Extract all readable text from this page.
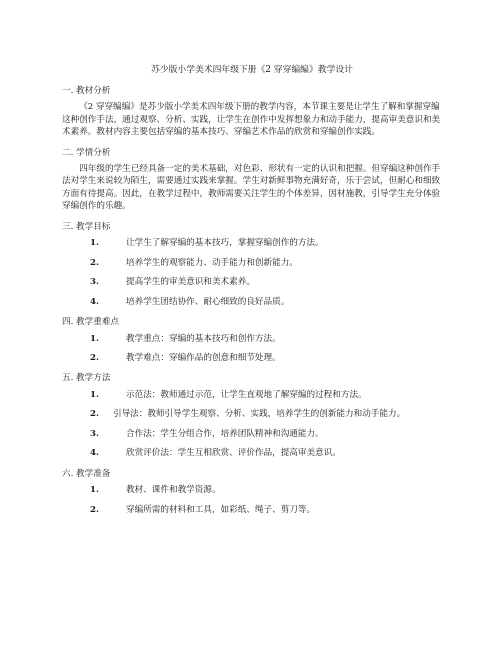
苏少版小学美术四年级下册《2 穿穿编编》教学设计
一. 教材分析

《2 穿穿编编》是苏少版小学美术四年级下册的教学内容，本节课主要是让学生了解和掌握穿编这种创作手法，通过观察、分析、实践，让学生在创作中发挥想象力和动手能力，提高审美意识和美术素养。教材内容主要包括穿编的基本技巧、穿编艺术作品的欣赏和穿编创作实践。

二. 学情分析

四年级的学生已经具备一定的美术基础，对色彩、形状有一定的认识和把握。但穿编这种创作手法对学生来说较为陌生，需要通过实践来掌握。学生对新鲜事物充满好奇，乐于尝试，但耐心和细致方面有待提高。因此，在教学过程中，教师需要关注学生的个体差异，因材施教，引导学生充分体验穿编创作的乐趣。

三. 教学目标
1.	让学生了解穿编的基本技巧，掌握穿编创作的方法。
2.	培养学生的观察能力、动手能力和创新能力。
3.	提高学生的审美意识和美术素养。
4.	培养学生团结协作、耐心细致的良好品质。
四. 教学重难点
1.	教学重点：穿编的基本技巧和创作方法。
2.	教学难点：穿编作品的创意和细节处理。
五. 教学方法
1.	示范法：教师通过示范，让学生直观地了解穿编的过程和方法。
2. 引导法：教师引导学生观察、分析、实践，培养学生的创新能力和动手能力。
3.	合作法：学生分组合作，培养团队精神和沟通能力。
4.	欣赏评价法：学生互相欣赏、评价作品，提高审美意识。
六. 教学准备
1.	教材、课件和教学资源。
2.	穿编所需的材料和工具，如彩纸、绳子、剪刀等。
